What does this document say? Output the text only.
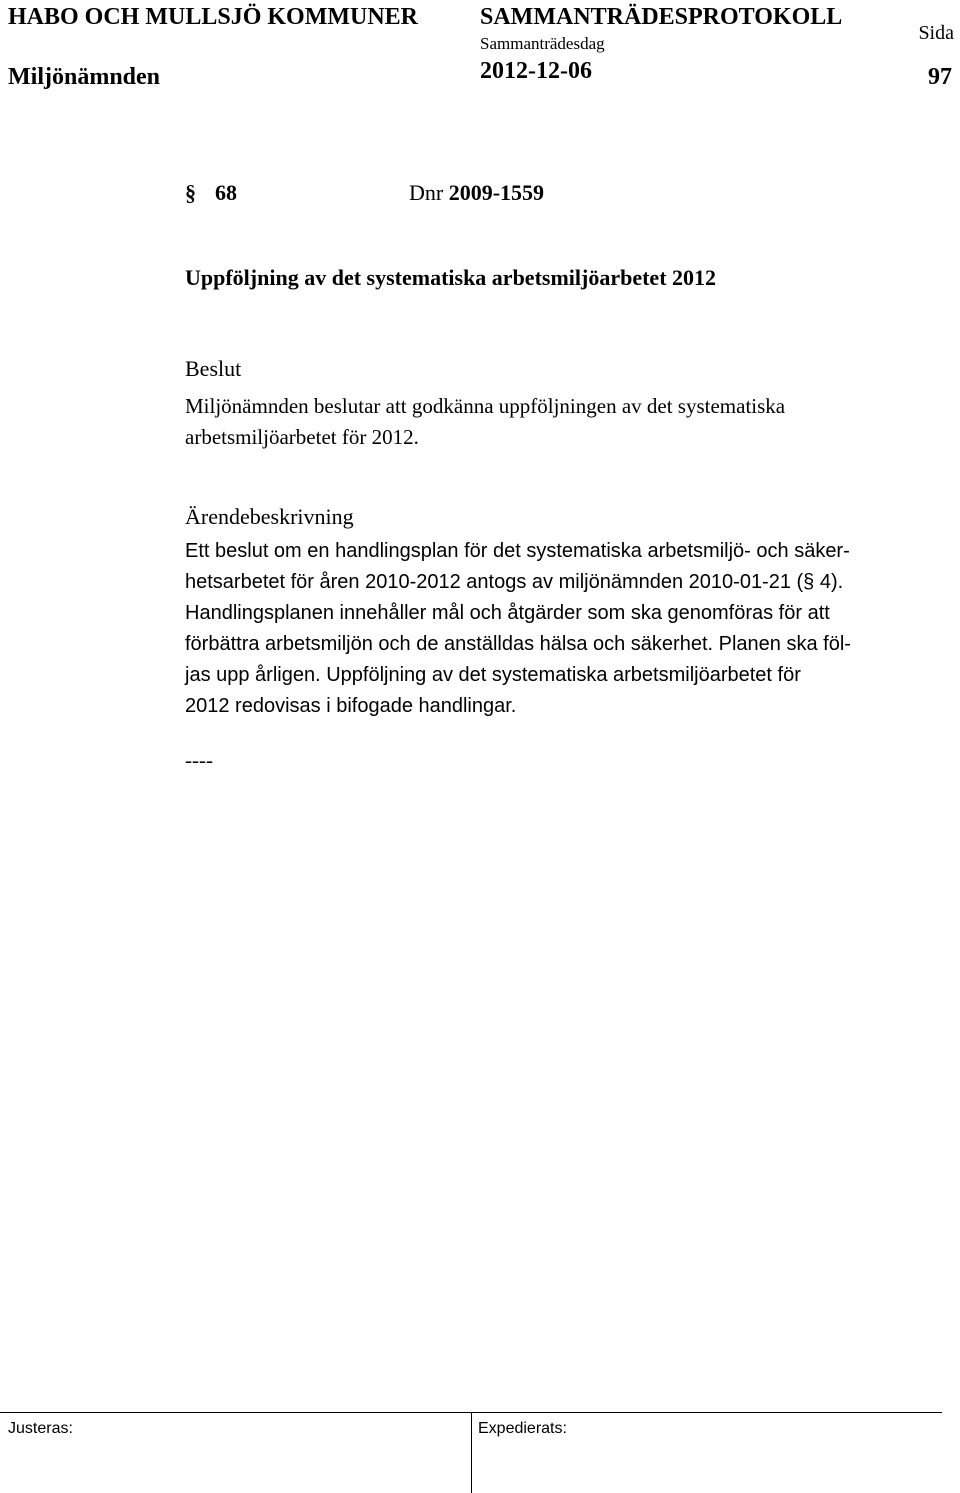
HABO OCH MULLSJÖ KOMMUNER	SAMMANTRÄDESPROTOKOLL
Sammanträdesdag	Sida
Miljönämnden	2012-12-06	97
§ 68	Dnr 2009-1559
Uppföljning av det systematiska arbetsmiljöarbetet 2012
Beslut
Miljönämnden beslutar att godkänna uppföljningen av det systematiska
arbetsmiljöarbetet för 2012.
Ärendebeskrivning
Ett beslut om en handlingsplan för det systematiska arbetsmiljö- och säker-
hetsarbetet för åren 2010-2012 antogs av miljönämnden 2010-01-21 (§ 4).
Handlingsplanen innehåller mål och åtgärder som ska genomföras för att
förbättra arbetsmiljön och de anställdas hälsa och säkerhet. Planen ska föl-
jas upp årligen. Uppföljning av det systematiska arbetsmiljöarbetet för
2012 redovisas i bifogade handlingar.
----
Justeras:	Expedierats:
